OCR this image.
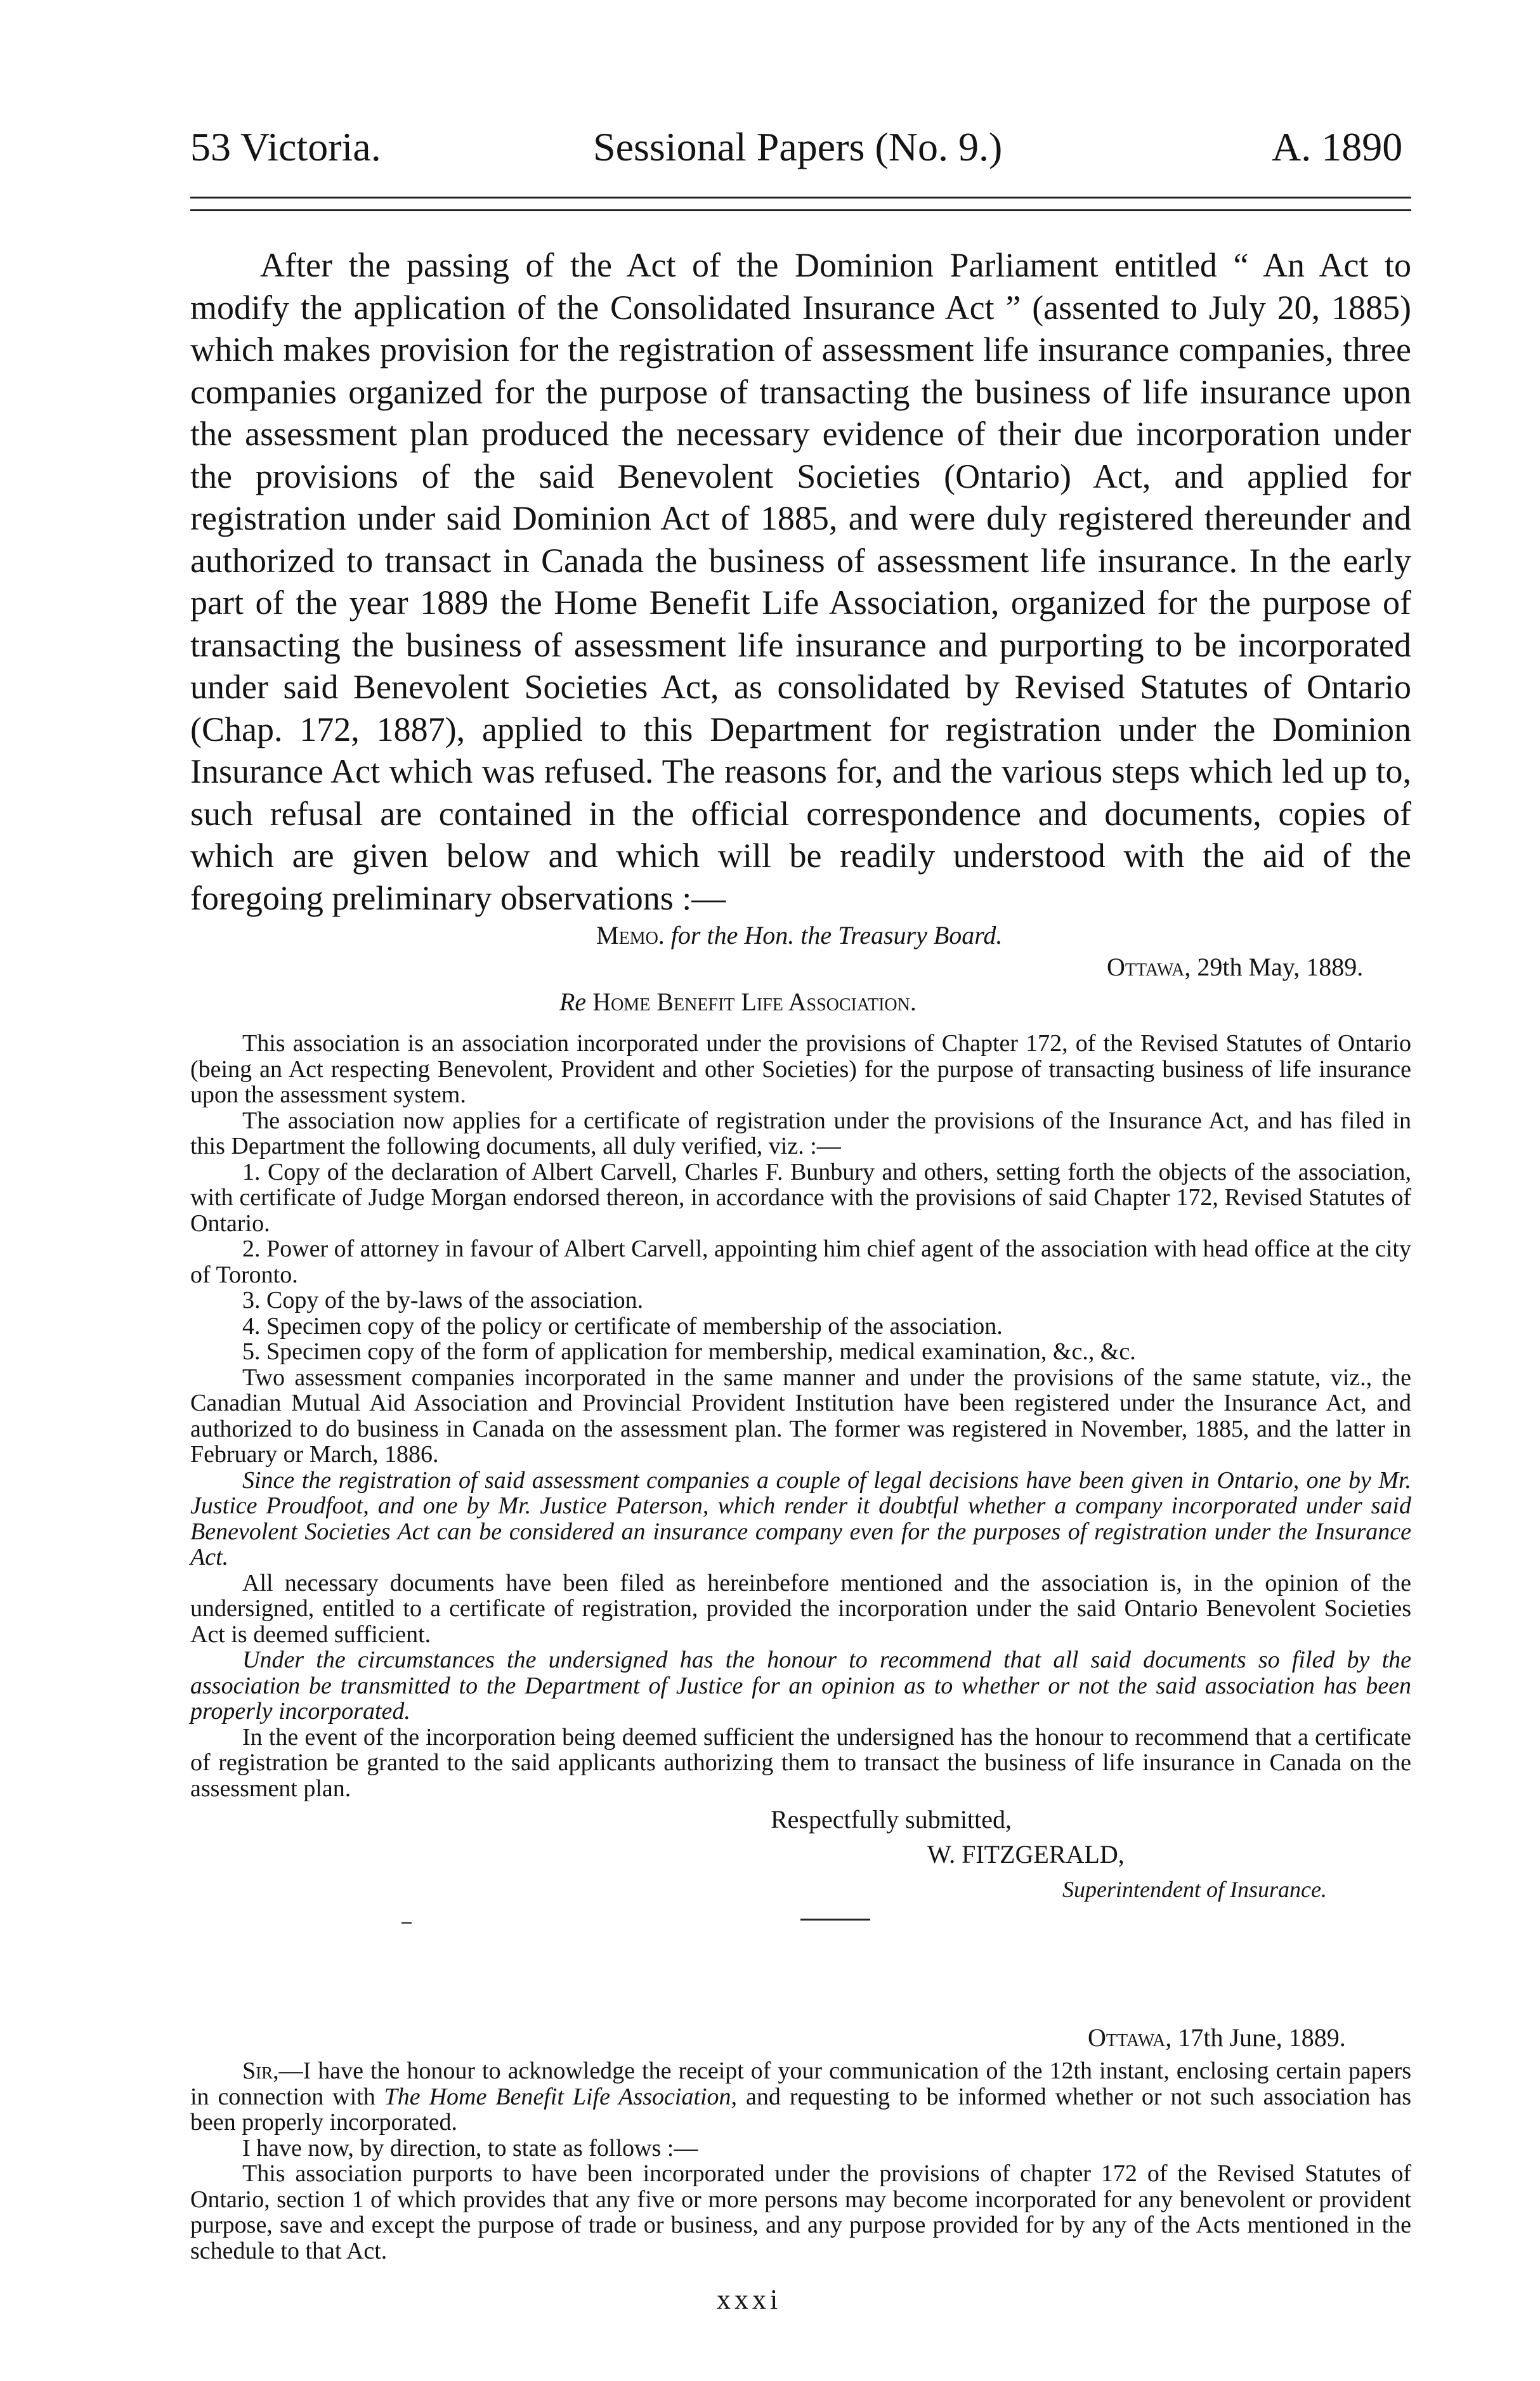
53 Victoria.	Sessional Papers (No. 9.)	A. 1890

After the passing of the Act of the Dominion Parliament entitled “ An Act to modify the application of the Consolidated Insurance Act ” (assented to July 20, 1885) which makes provision for the registration of assessment life insurance companies, three companies organized for the purpose of transacting the business of life insurance upon the assessment plan produced the necessary evidence of their due incorporation under the provisions of the said Benevolent Societies (Ontario) Act, and applied for registration under said Dominion Act of 1885, and were duly registered thereunder and authorized to transact in Canada the business of assessment life insurance. In the early part of the year 1889 the Home Benefit Life Association, organized for the purpose of transacting the business of assessment life insurance and purporting to be incorporated under said Benevolent Societies Act, as consolidated by Revised Statutes of Ontario (Chap. 172, 1887), applied to this Department for registration under the Dominion Insurance Act which was refused. The reasons for, and the various steps which led up to, such refusal are contained in the official correspondence and documents, copies of which are given below and which will be readily understood with the aid of the foregoing preliminary observations :—

Memo. for the Hon. the Treasury Board.
Ottawa, 29th May, 1889.
Re Home Benefit Life Association.

This association is an association incorporated under the provisions of Chapter 172, of the Revised Statutes of Ontario (being an Act respecting Benevolent, Provident and other Societies) for the purpose of transacting business of life insurance upon the assessment system.

The association now applies for a certificate of registration under the provisions of the Insurance Act, and has filed in this Department the following documents, all duly verified, viz. :—

1. Copy of the declaration of Albert Carvell, Charles F. Bunbury and others, setting forth the objects of the association, with certificate of Judge Morgan endorsed thereon, in accordance with the provisions of said Chapter 172, Revised Statutes of Ontario.

2. Power of attorney in favour of Albert Carvell, appointing him chief agent of the association with head office at the city of Toronto.

3. Copy of the by-laws of the association.

4. Specimen copy of the policy or certificate of membership of the association.

5. Specimen copy of the form of application for membership, medical examination, &c., &c.

Two assessment companies incorporated in the same manner and under the provisions of the same statute, viz., the Canadian Mutual Aid Association and Provincial Provident Institution have been registered under the Insurance Act, and authorized to do business in Canada on the assessment plan. The former was registered in November, 1885, and the latter in February or March, 1886.

Since the registration of said assessment companies a couple of legal decisions have been given in Ontario, one by Mr. Justice Proudfoot, and one by Mr. Justice Paterson, which render it doubtful whether a company incorporated under said Benevolent Societies Act can be considered an insurance company even for the purposes of registration under the Insurance Act.

All necessary documents have been filed as hereinbefore mentioned and the association is, in the opinion of the undersigned, entitled to a certificate of registration, provided the incorporation under the said Ontario Benevolent Societies Act is deemed sufficient.

Under the circumstances the undersigned has the honour to recommend that all said documents so filed by the association be transmitted to the Department of Justice for an opinion as to whether or not the said association has been properly incorporated.

In the event of the incorporation being deemed sufficient the undersigned has the honour to recommend that a certificate of registration be granted to the said applicants authorizing them to transact the business of life insurance in Canada on the assessment plan.

Respectfully submitted,
W. FITZGERALD,
Superintendent of Insurance.
Ottawa, 17th June, 1889.

Sir,—I have the honour to acknowledge the receipt of your communication of the 12th instant, enclosing certain papers in connection with The Home Benefit Life Association, and requesting to be informed whether or not such association has been properly incorporated.

I have now, by direction, to state as follows :—

This association purports to have been incorporated under the provisions of chapter 172 of the Revised Statutes of Ontario, section 1 of which provides that any five or more persons may become incorporated for any benevolent or provident purpose, save and except the purpose of trade or business, and any purpose provided for by any of the Acts mentioned in the schedule to that Act.

xxxi
